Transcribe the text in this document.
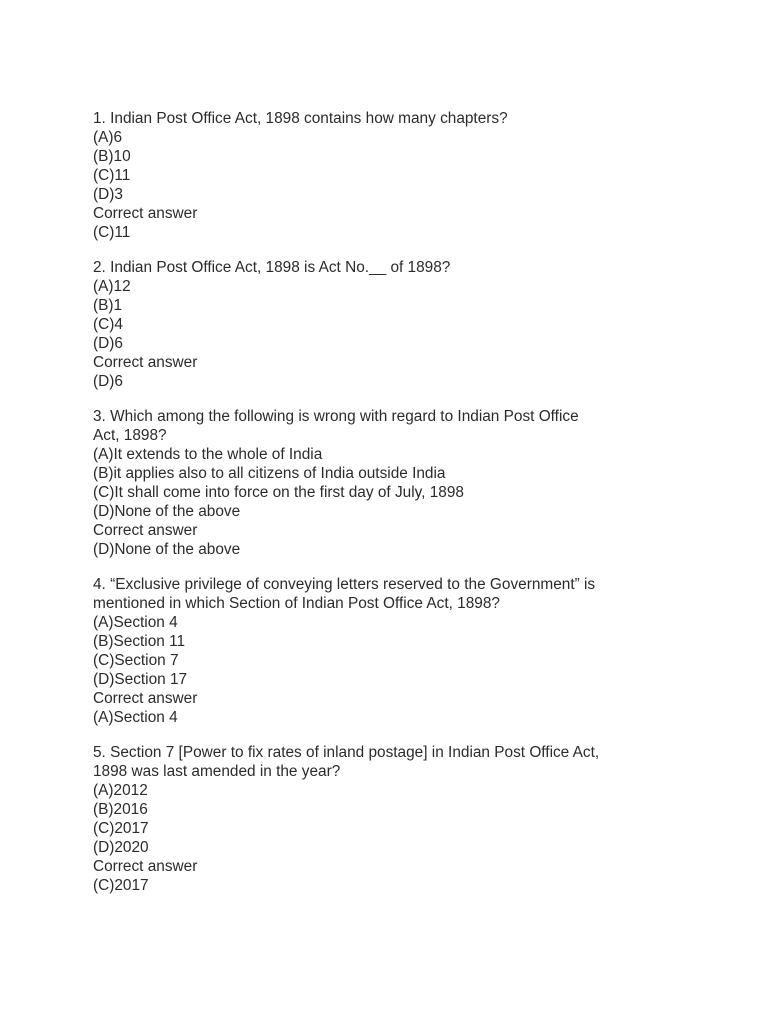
1. Indian Post Office Act, 1898 contains how many chapters?
(A)6
(B)10
(C)11
(D)3
Correct answer
(C)11
2. Indian Post Office Act, 1898 is Act No.__ of 1898?
(A)12
(B)1
(C)4
(D)6
Correct answer
(D)6
3. Which among the following is wrong with regard to Indian Post Office
Act, 1898?
(A)It extends to the whole of India
(B)it applies also to all citizens of India outside India
(C)It shall come into force on the first day of July, 1898
(D)None of the above
Correct answer
(D)None of the above
4. “Exclusive privilege of conveying letters reserved to the Government” is
mentioned in which Section of Indian Post Office Act, 1898?
(A)Section 4
(B)Section 11
(C)Section 7
(D)Section 17
Correct answer
(A)Section 4
5. Section 7 [Power to fix rates of inland postage] in Indian Post Office Act,
1898 was last amended in the year?
(A)2012
(B)2016
(C)2017
(D)2020
Correct answer
(C)2017
